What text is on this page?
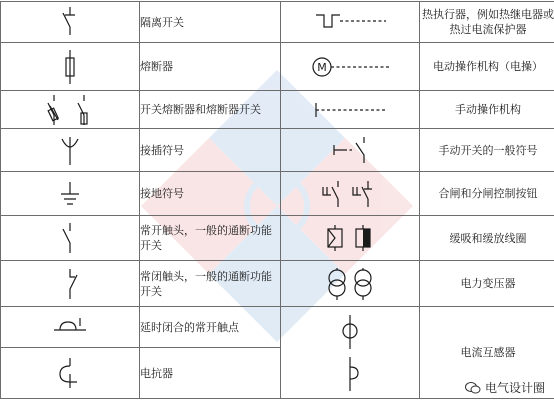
	隔离开关		热执行器，例如热继电器或热过电流保护器

	熔断器	M	电动操作机构（电操）

	开关熔断器和熔断器开关		手动操作机构

	接插符号		手动开关的一般符号

	接地符号		合闸和分闸控制按钮

	常开触头，一般的通断功能开关		缓吸和缓放线圈

	常闭触头，一般的通断功能开关		电力变压器

	延时闭合的常开触点		电流互感器

	电抗器		
电气设计圈
